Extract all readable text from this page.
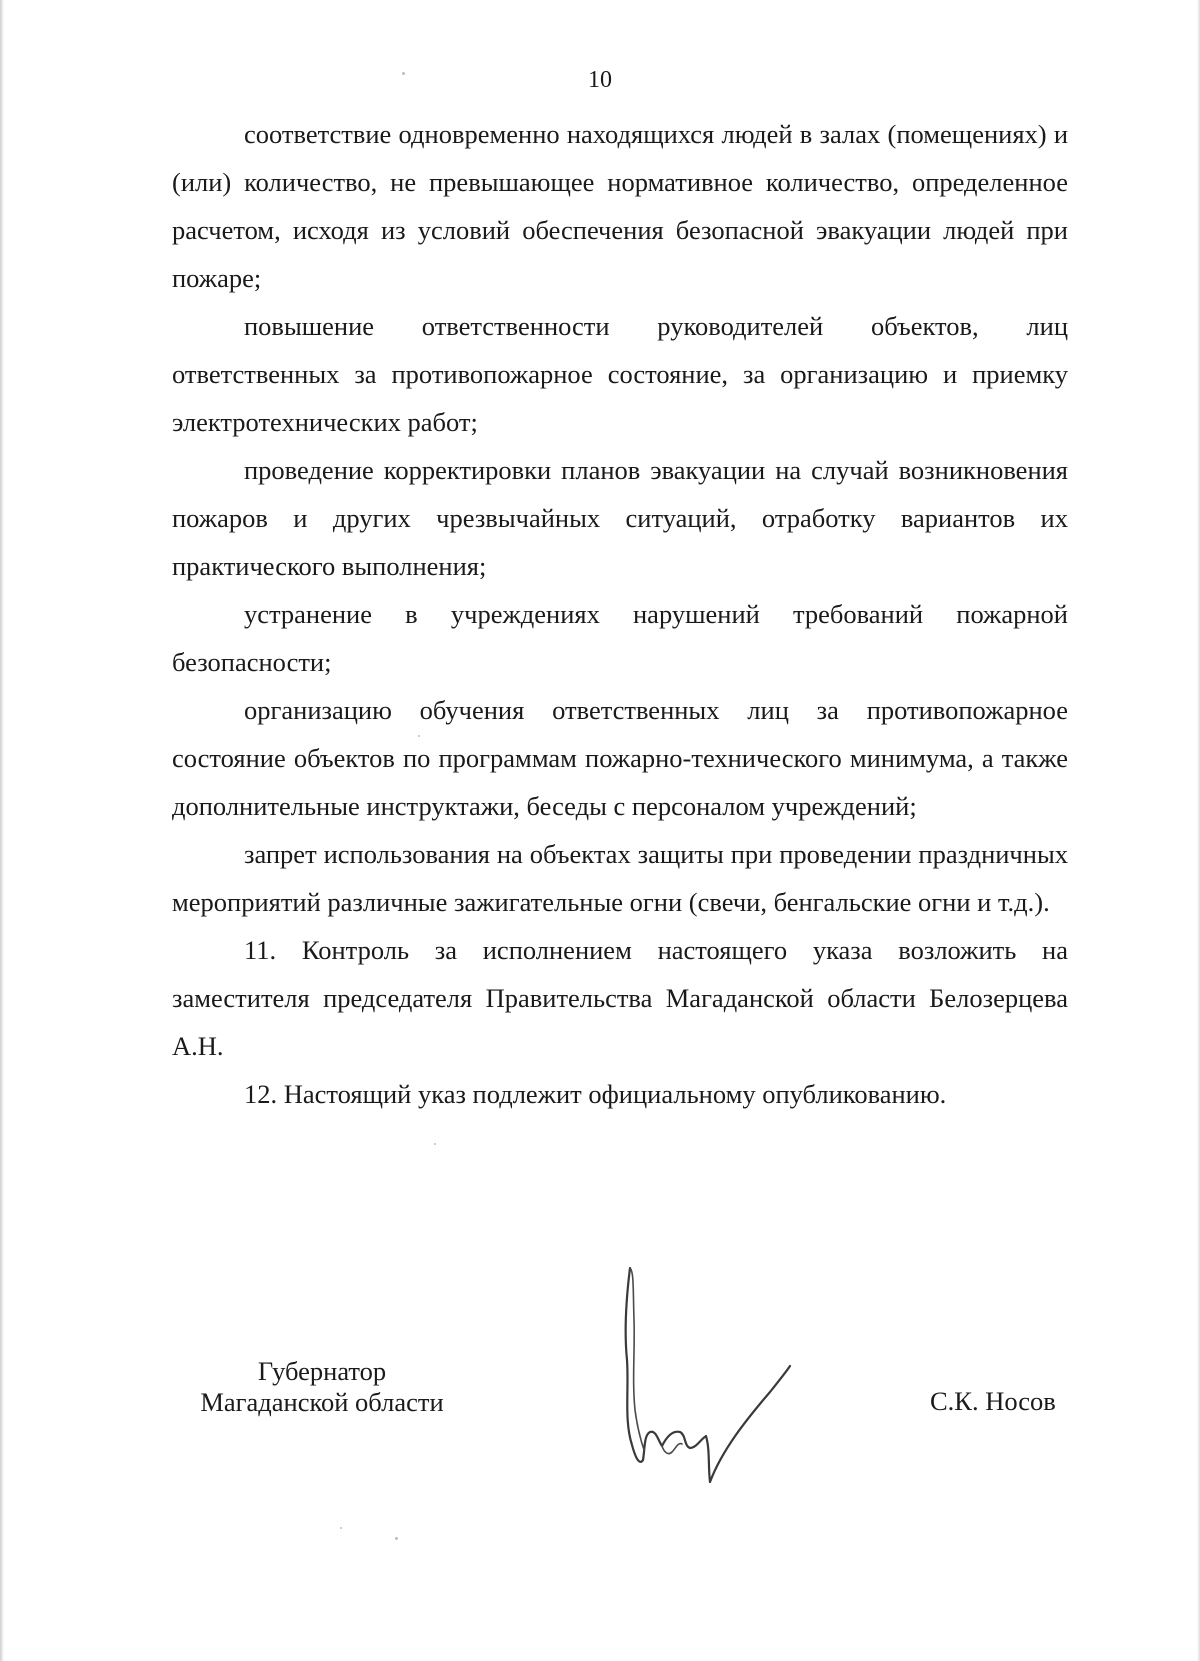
10

соответствие одновременно находящихся людей в залах (помещениях) и (или) количество, не превышающее нормативное количество, определенное расчетом, исходя из условий обеспечения безопасной эвакуации людей при пожаре;

повышение ответственности руководителей объектов, лиц ответственных за противопожарное состояние, за организацию и приемку электротехнических работ;

проведение корректировки планов эвакуации на случай возникновения пожаров и других чрезвычайных ситуаций, отработку вариантов их практического выполнения;

устранение в учреждениях нарушений требований пожарной безопасности;

организацию обучения ответственных лиц за противопожарное состояние объектов по программам пожарно-технического минимума, а также дополнительные инструктажи, беседы с персоналом учреждений;

запрет использования на объектах защиты при проведении праздничных мероприятий различные зажигательные огни (свечи, бенгальские огни и т.д.).

11. Контроль за исполнением настоящего указа возложить на заместителя председателя Правительства Магаданской области Белозерцева А.Н.

12. Настоящий указ подлежит официальному опубликованию.

Губернатор
Магаданской области	С.К. Носов
